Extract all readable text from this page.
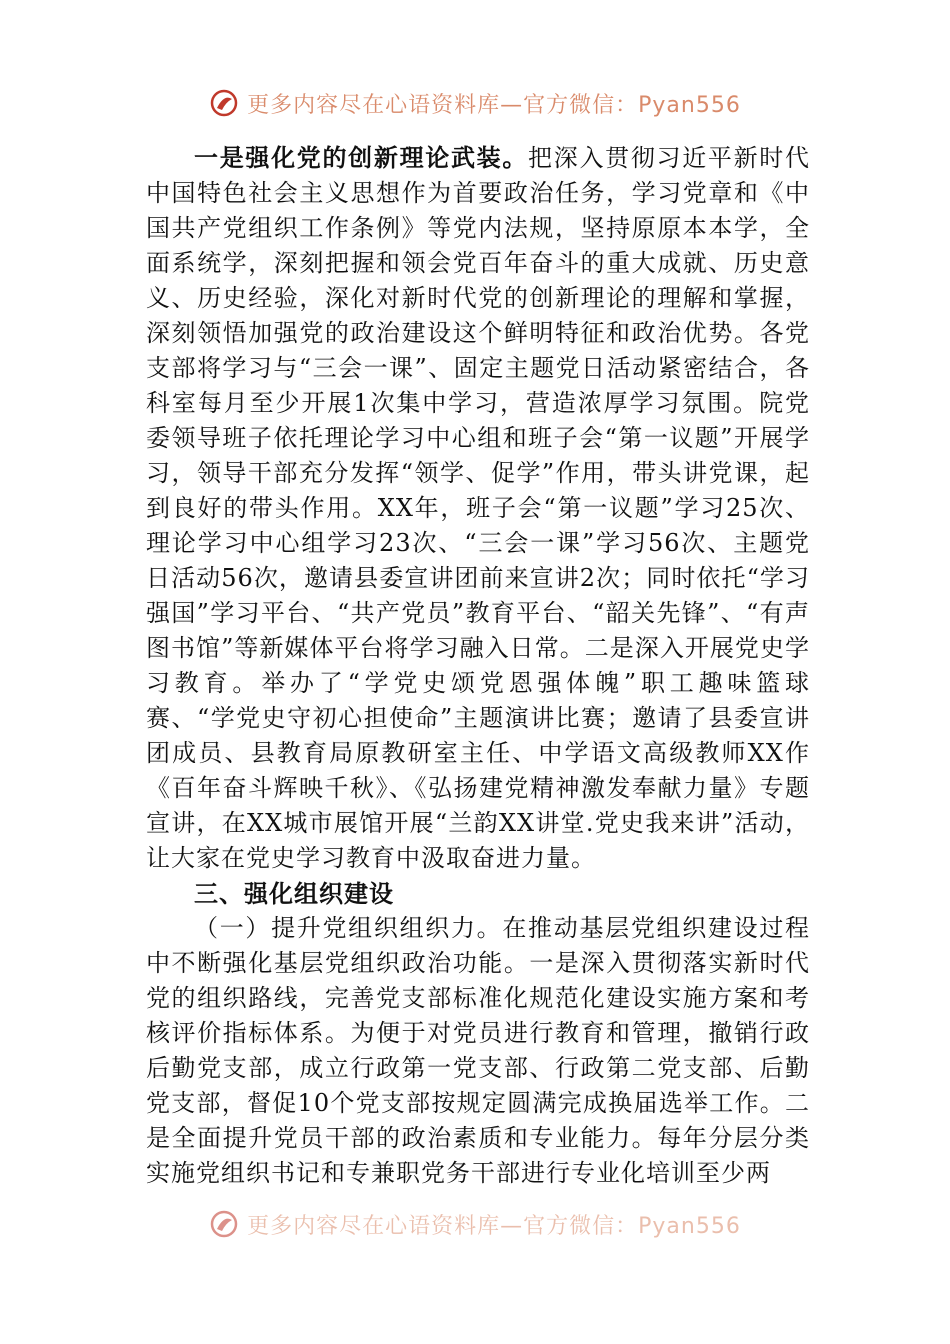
更多内容尽在心语资料库—官方微信：Pyan556

一是强化党的创新理论武装。把深入贯彻习近平新时代中国特色社会主义思想作为首要政治任务，学习党章和《中国共产党组织工作条例》等党内法规，坚持原原本本学，全面系统学，深刻把握和领会党百年奋斗的重大成就、历史意义、历史经验，深化对新时代党的创新理论的理解和掌握，深刻领悟加强党的政治建设这个鲜明特征和政治优势。各党支部将学习与“三会一课”、固定主题党日活动紧密结合，各科室每月至少开展1次集中学习，营造浓厚学习氛围。院党委领导班子依托理论学习中心组和班子会“第一议题”开展学习，领导干部充分发挥“领学、促学”作用，带头讲党课，起到良好的带头作用。XX年，班子会“第一议题”学习25次、理论学习中心组学习23次、“三会一课”学习56次、主题党日活动56次，邀请县委宣讲团前来宣讲2次；同时依托“学习强国”学习平台、“共产党员”教育平台、“韶关先锋”、“有声图书馆”等新媒体平台将学习融入日常。二是深入开展党史学习教育。举办了“学党史颂党恩强体魄”职工趣味篮球赛、“学党史守初心担使命”主题演讲比赛；邀请了县委宣讲团成员、县教育局原教研室主任、中学语文高级教师XX作《百年奋斗辉映千秋》、《弘扬建党精神激发奉献力量》专题宣讲，在XX城市展馆开展“兰韵XX讲堂.党史我来讲”活动，让大家在党史学习教育中汲取奋进力量。

三、强化组织建设

（一）提升党组织组织力。在推动基层党组织建设过程中不断强化基层党组织政治功能。一是深入贯彻落实新时代党的组织路线，完善党支部标准化规范化建设实施方案和考核评价指标体系。为便于对党员进行教育和管理，撤销行政后勤党支部，成立行政第一党支部、行政第二党支部、后勤党支部，督促10个党支部按规定圆满完成换届选举工作。二是全面提升党员干部的政治素质和专业能力。每年分层分类实施党组织书记和专兼职党务干部进行专业化培训至少两

更多内容尽在心语资料库—官方微信：Pyan556
